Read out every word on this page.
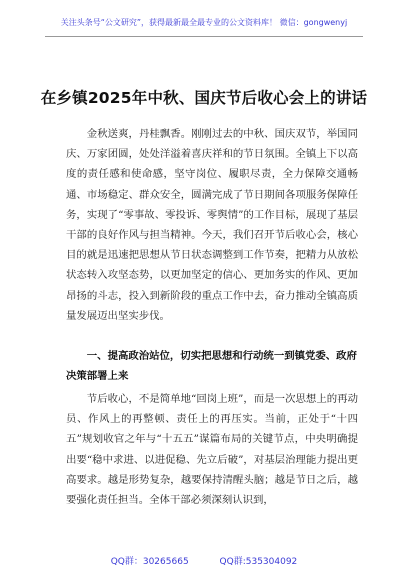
关注头条号“公文研究”，获得最新最全最专业的公文资料库！ 微信：gongwenyj
在乡镇2025年中秋、国庆节后收心会上的讲话
金秋送爽，丹桂飘香。刚刚过去的中秋、国庆双节，举国同庆、万家团圆，处处洋溢着喜庆祥和的节日氛围。全镇上下以高度的责任感和使命感，坚守岗位、履职尽责，全力保障交通畅通、市场稳定、群众安全，圆满完成了节日期间各项服务保障任务，实现了“零事故、零投诉、零舆情”的工作目标，展现了基层干部的良好作风与担当精神。今天，我们召开节后收心会，核心目的就是迅速把思想从节日状态调整到工作节奏，把精力从放松状态转入攻坚态势，以更加坚定的信心、更加务实的作风、更加昂扬的斗志，投入到新阶段的重点工作中去，奋力推动全镇高质量发展迈出坚实步伐。
一、提高政治站位，切实把思想和行动统一到镇党委、政府决策部署上来
节后收心，不是简单地“回岗上班”，而是一次思想上的再动员、作风上的再整顿、责任上的再压实。当前，正处于“十四五”规划收官之年与“十五五”谋篇布局的关键节点，中央明确提出要“稳中求进、以进促稳、先立后破”，对基层治理能力提出更高要求。越是形势复杂，越要保持清醒头脑；越是节日之后，越要强化责任担当。全体干部必须深刻认识到，
QQ群：30265665	QQ群:535304092
